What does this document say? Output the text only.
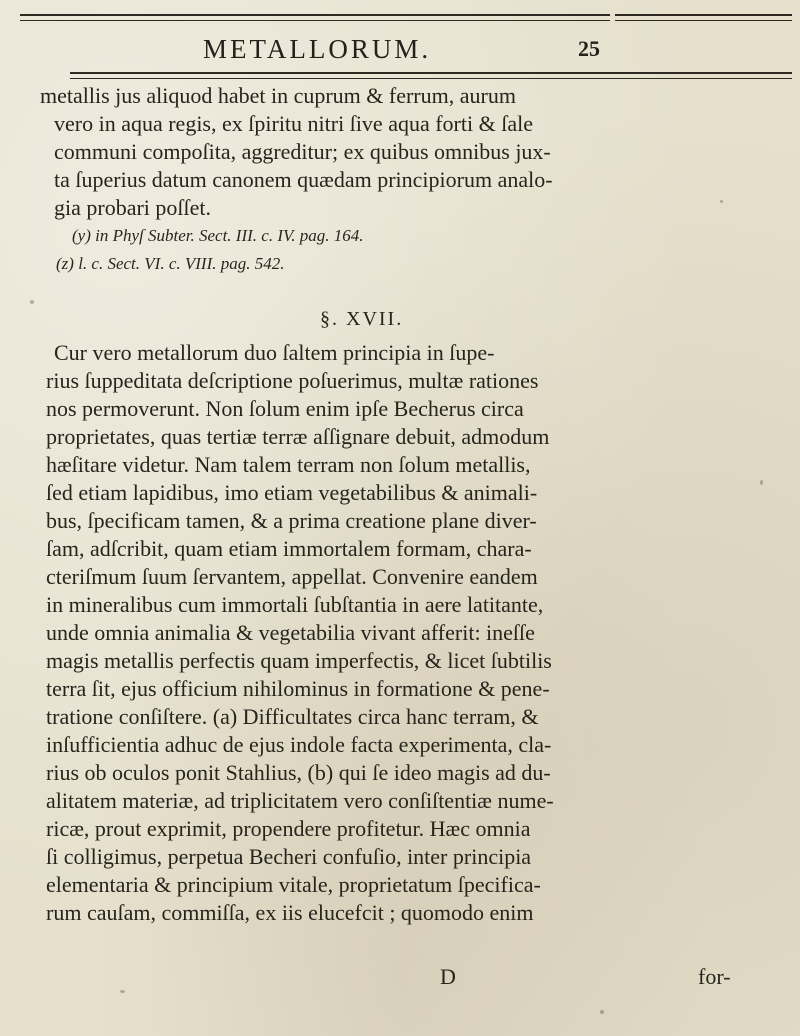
METALLORUM.	25
metallis jus aliquod habet in cuprum & ferrum, aurum
vero in aqua regis, ex ſpiritu nitri ſive aqua forti & ſale
communi compoſita, aggreditur; ex quibus omnibus jux-
ta ſuperius datum canonem quædam principiorum analo-
gia probari poſſet.
(y) in Phyſ Subter. Sect. III. c. IV. pag. 164.
(z) l. c. Sect. VI. c. VIII. pag. 542.
§. XVII.
Cur vero metallorum duo ſaltem principia in ſupe-
rius ſuppeditata deſcriptione poſuerimus, multæ rationes
nos permoverunt. Non ſolum enim ipſe Becherus circa
proprietates, quas tertiæ terræ aſſignare debuit, admodum
hæſitare videtur. Nam talem terram non ſolum metallis,
ſed etiam lapidibus, imo etiam vegetabilibus & animali-
bus, ſpecificam tamen, & a prima creatione plane diver-
ſam, adſcribit, quam etiam immortalem formam, chara-
cteriſmum ſuum ſervantem, appellat. Convenire eandem
in mineralibus cum immortali ſubſtantia in aere latitante,
unde omnia animalia & vegetabilia vivant afferit: ineſſe
magis metallis perfectis quam imperfectis, & licet ſubtilis
terra ſit, ejus officium nihilominus in formatione & pene-
tratione conſiſtere. (a) Difficultates circa hanc terram, &
inſufficientia adhuc de ejus indole facta experimenta, cla-
rius ob oculos ponit Stahlius, (b) qui ſe ideo magis ad du-
alitatem materiæ, ad triplicitatem vero conſiſtentiæ nume-
ricæ, prout exprimit, propendere profitetur. Hæc omnia
ſi colligimus, perpetua Becheri confuſio, inter principia
elementaria & principium vitale, proprietatum ſpecifica-
rum cauſam, commiſſa, ex iis elucefcit ; quomodo enim
D	for-
